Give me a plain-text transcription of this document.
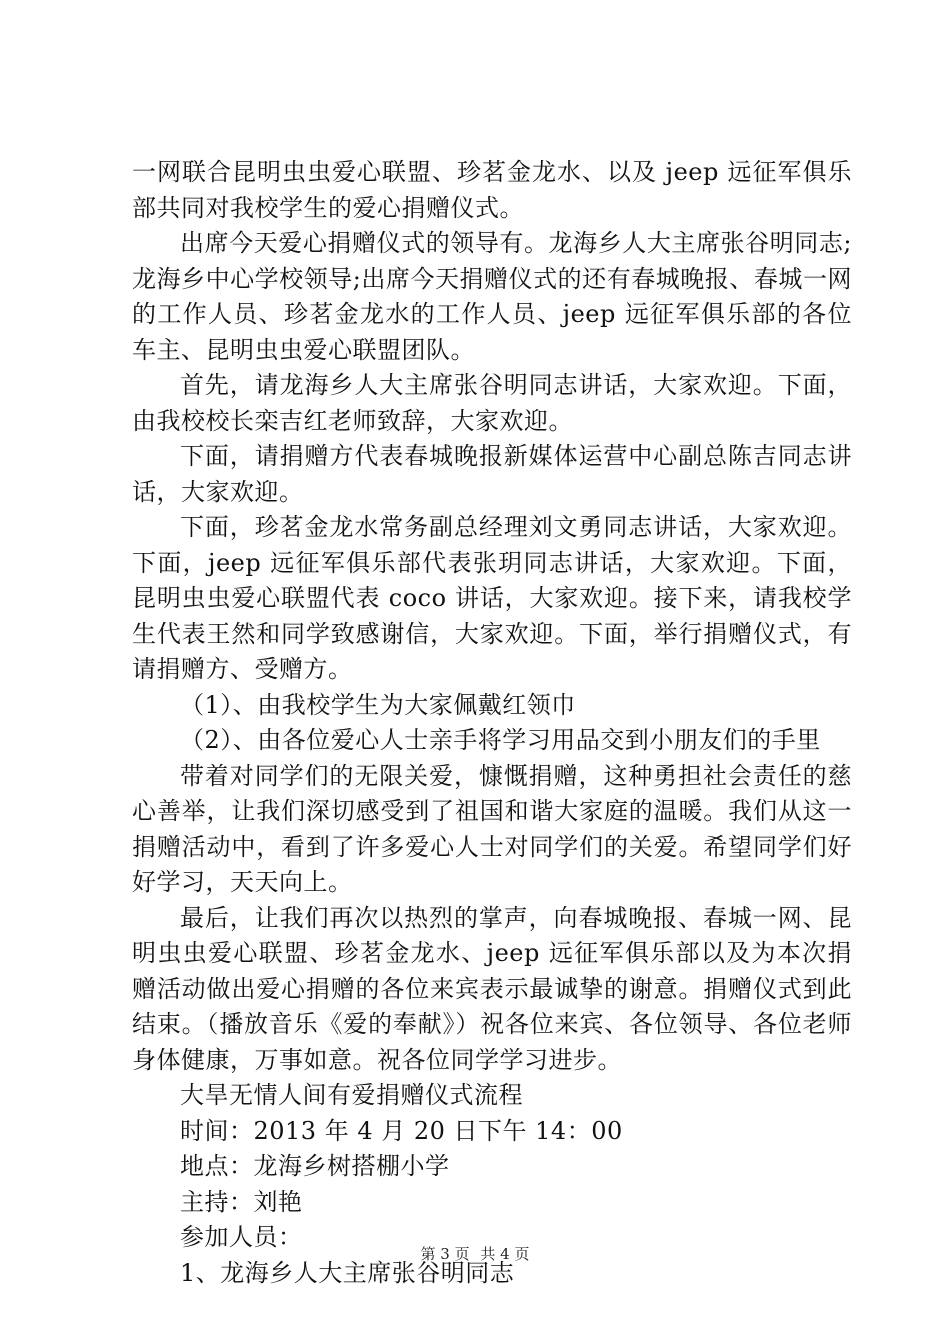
一网联合昆明虫虫爱心联盟、珍茗金龙水、以及 jeep 远征军俱乐部共同对我校学生的爱心捐赠仪式。

出席今天爱心捐赠仪式的领导有。龙海乡人大主席张谷明同志;龙海乡中心学校领导;出席今天捐赠仪式的还有春城晚报、春城一网的工作人员、珍茗金龙水的工作人员、jeep 远征军俱乐部的各位车主、昆明虫虫爱心联盟团队。

首先，请龙海乡人大主席张谷明同志讲话，大家欢迎。下面，由我校校长栾吉红老师致辞，大家欢迎。

下面，请捐赠方代表春城晚报新媒体运营中心副总陈吉同志讲话，大家欢迎。

下面，珍茗金龙水常务副总经理刘文勇同志讲话，大家欢迎。下面，jeep 远征军俱乐部代表张玥同志讲话，大家欢迎。下面，昆明虫虫爱心联盟代表 coco 讲话，大家欢迎。接下来，请我校学生代表王然和同学致感谢信，大家欢迎。下面，举行捐赠仪式，有请捐赠方、受赠方。

（1）、由我校学生为大家佩戴红领巾

（2）、由各位爱心人士亲手将学习用品交到小朋友们的手里

带着对同学们的无限关爱，慷慨捐赠，这种勇担社会责任的慈心善举，让我们深切感受到了祖国和谐大家庭的温暖。我们从这一捐赠活动中，看到了许多爱心人士对同学们的关爱。希望同学们好好学习，天天向上。

最后，让我们再次以热烈的掌声，向春城晚报、春城一网、昆明虫虫爱心联盟、珍茗金龙水、jeep 远征军俱乐部以及为本次捐赠活动做出爱心捐赠的各位来宾表示最诚挚的谢意。捐赠仪式到此结束。（播放音乐《爱的奉献》）祝各位来宾、各位领导、各位老师身体健康，万事如意。祝各位同学学习进步。

大旱无情人间有爱捐赠仪式流程

时间：2013 年 4 月 20 日下午 14：00

地点：龙海乡树搭棚小学

主持：刘艳

参加人员：

1、龙海乡人大主席张谷明同志

第 3 页 共 4 页
